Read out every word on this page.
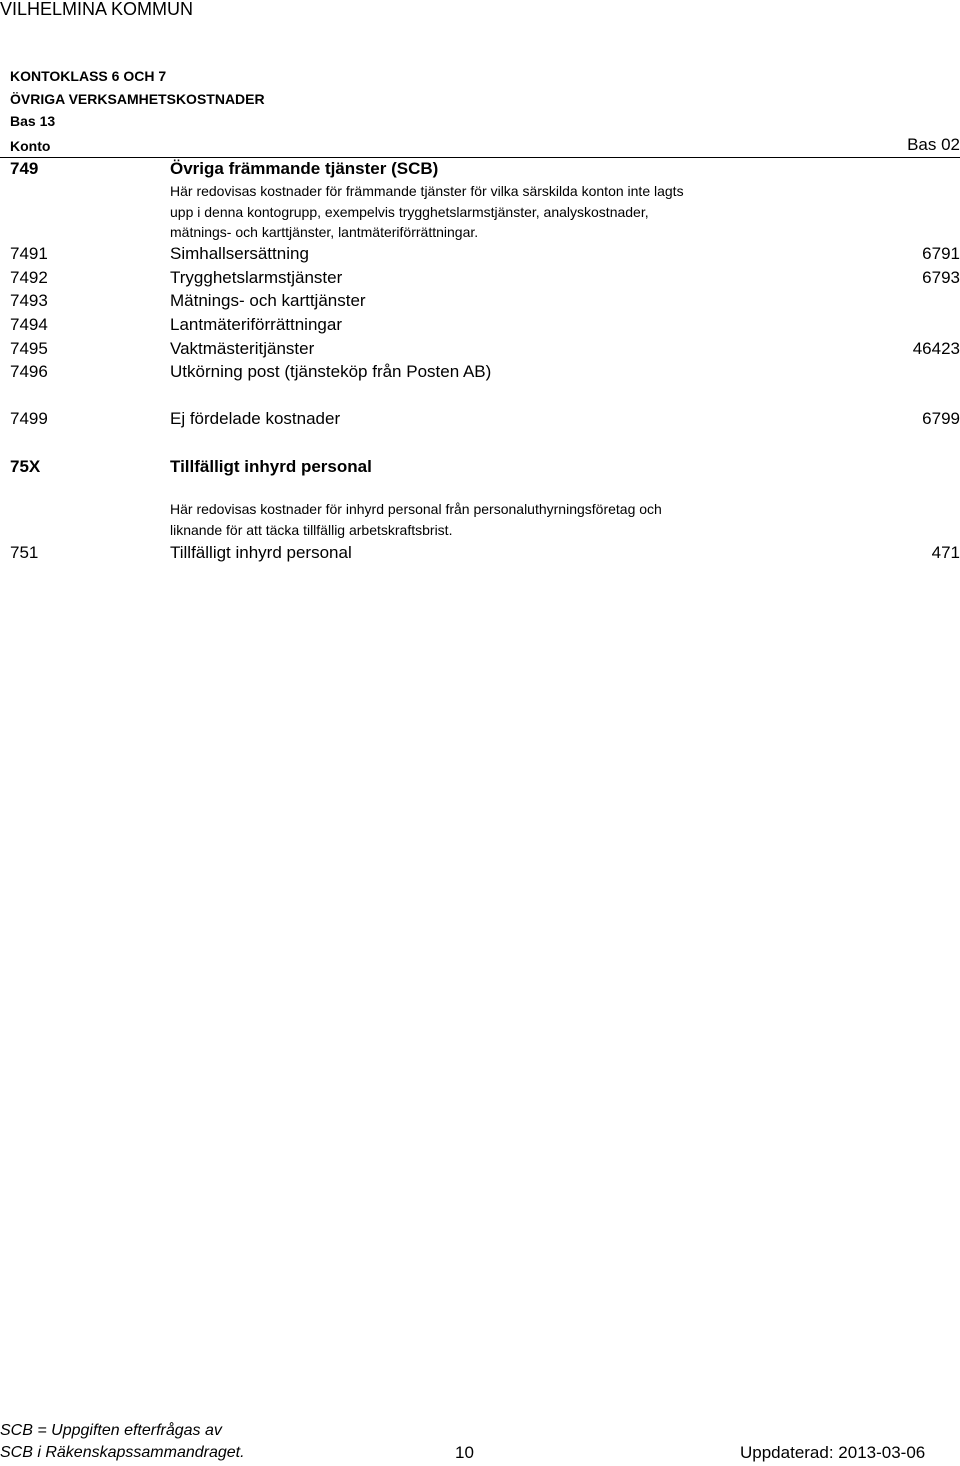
VILHELMINA KOMMUN
KONTOKLASS 6 OCH 7
ÖVRIGA VERKSAMHETSKOSTNADER
Bas 13
Konto	Bas 02
749	Övriga främmande tjänster (SCB)
Här redovisas kostnader för främmande tjänster för vilka särskilda konton inte lagts
upp i denna kontogrupp, exempelvis trygghetslarmstjänster, analyskostnader,
mätnings- och karttjänster, lantmäteriförrättningar.
7491	Simhallsersättning	6791
7492	Trygghetslarmstjänster	6793
7493	Mätnings- och karttjänster
7494	Lantmäteriförrättningar
7495	Vaktmästeritjänster	46423
7496	Utkörning post (tjänsteköp från Posten AB)
7499	Ej fördelade kostnader	6799
75X	Tillfälligt inhyrd personal
Här redovisas kostnader för inhyrd personal från personaluthyrningsföretag och
liknande för att täcka tillfällig arbetskraftsbrist.
751	Tillfälligt inhyrd personal	471
SCB = Uppgiften efterfrågas av
SCB i Räkenskapssammandraget.	10	Uppdaterad: 2013-03-06
